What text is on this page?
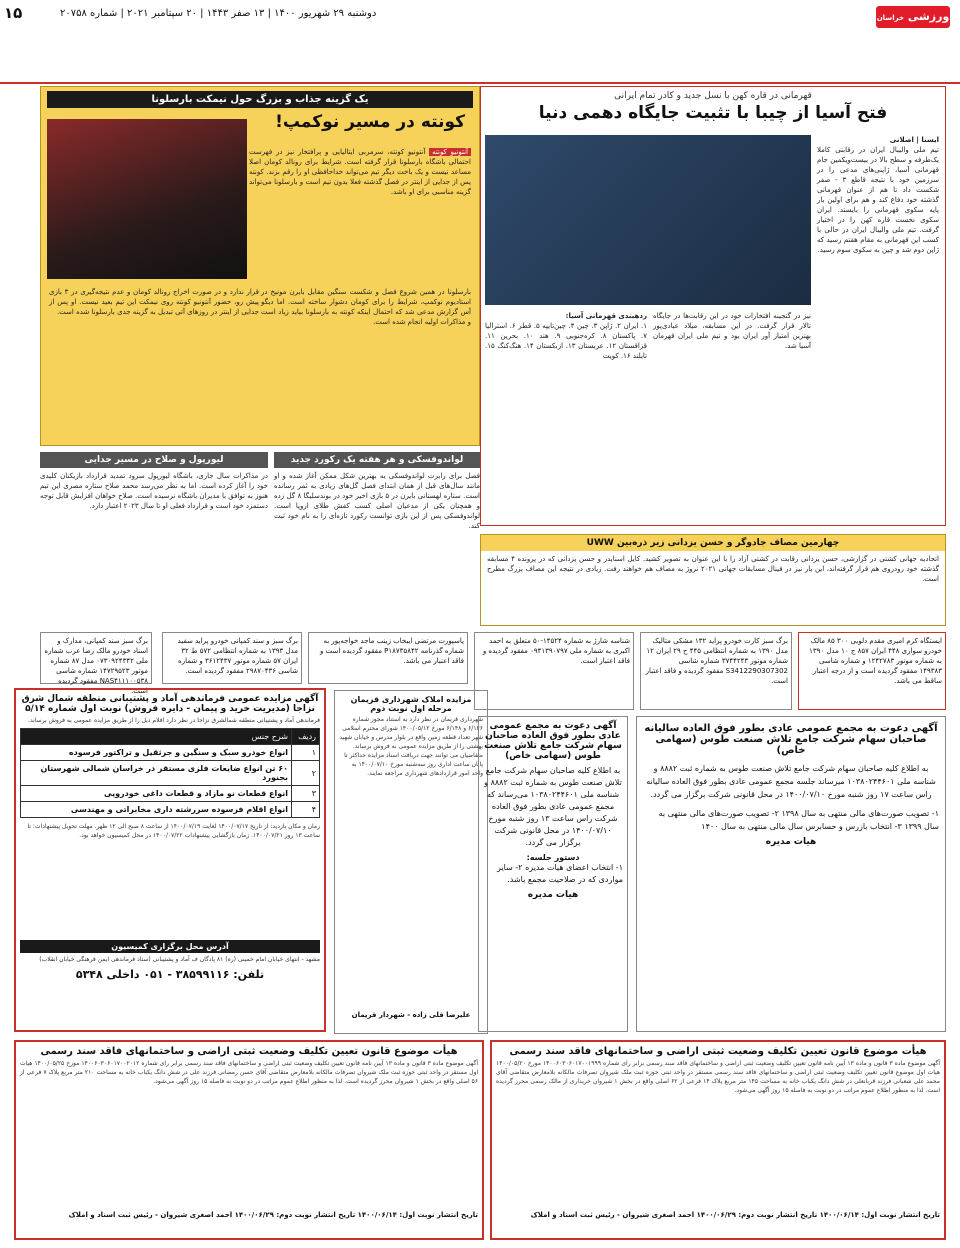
ورزشی خراسان
دوشنبه ۲۹ شهریور ۱۴۰۰ | ۱۳ صفر ۱۴۴۳ | ۲۰ سپتامبر ۲۰۲۱ | شماره ۲۰۷۵۸
۱۵
قهرمانی در قاره کهن با نسل جدید و کادر تمام ایرانی
فتح آسیا از چیبا با تثبیت جایگاه دهمی دنیا
ایسنا | اصلانی
تیم ملی والیبال ایران در رقابتی کاملا یک‌طرفه و سطح بالا در بیست‌ویکمین جام قهرمانی آسیا، ژاپنی‌های مدعی را در سرزمین خود با نتیجه قاطع ۳ - صفر شکست داد تا هم از عنوان قهرمانی گذشته خود دفاع کند و هم برای اولین بار پایه سکوی قهرمانی را بایستد. ایران سکوی نخست قاره کهن را در اختیار گرفت. تیم ملی والیبال ایران در حالی با کسب این قهرمانی به مقام هفتم رسید که ژاپن دوم شد و چین به سکوی سوم رسید.
نیز در گنجینه افتخارات خود در این رقابت‌ها در جایگاه تالار قرار گرفت. در این مسابقه، میلاد عبادی‌پور بهترین امتیاز آور ایران بود و تیم ملی ایران قهرمان آسیا شد.
ردهبندی قهرمانی آسیا:
۱. ایران ۲. ژاپن ۳. چین ۴. چین‌تایپه ۵. قطر ۶. استرالیا ۷. پاکستان ۸. کره‌جنوبی ۹. هند ۱۰. بحرین ۱۱. قزاقستان ۱۲. عربستان ۱۳. ازبکستان ۱۴. هنگ‌کنگ ۱۵. تایلند ۱۶. کویت
یک گزینه جذاب و بزرگ حول نیمکت بارسلونا
کونته در مسیر نوکمپ!
آنتونیو کونته آنتونیو کونته، سرمربی ایتالیایی و پرافتخار نیز در فهرست احتمالی باشگاه بارسلونا قرار گرفته است. شرایط برای رونالد کومان اصلا مساعد نیست و یک باخت دیگر تیم می‌تواند خداحافظی او را رقم بزند. کونته پس از جدایی از اینتر در فصل گذشته فعلا بدون تیم است و بارسلونا می‌تواند گزینه مناسبی برای او باشد.
بارسلونا در همین شروع فصل و شکست سنگین مقابل بایرن مونیخ در استادیوم نوکمپ، شرایط را برای کومان دشوار ساخته است. اما دیگو آس گزارش مدعی شد که احتمال اینکه کونته به بارسلونا بیاید زیاد است و مذاکرات اولیه انجام شده است.
قرار ندارد و در صورت اخراج رونالد کومان و عدم نتیجه‌گیری در ۳ بازی پیش رو، حضور آنتونیو کونته روی نیمکت این تیم بعید نیست. او پس از جدایی از اینتر در روزهای آتی تبدیل به گزینه جدی بارسلونا شده است.
لواندوفسکی و هر هفته یک رکورد جدید
فصل برای رابرت لواندوفسکی به بهترین شکل ممکن آغاز شده و او مانند سال‌های قبل از همان ابتدای فصل گل‌های زیادی به ثمر رسانده است. ستاره لهستانی بایرن در ۵ بازی اخیر خود در بوندسلیگا ۸ گل زده و همچنان یکی از مدعیان اصلی کسب کفش طلای اروپا است. لواندوفسکی پس از این بازی توانست رکورد تازه‌ای را به نام خود ثبت کند.
لیورپول و صلاح در مسیر جدایی
در مذاکرات سال جاری، باشگاه لیورپول سرود تمدید قرارداد بازیکنان کلیدی خود را آغاز کرده است. اما به نظر می‌رسد محمد صلاح ستاره مصری این تیم هنوز به توافق با مدیران باشگاه نرسیده است. صلاح خواهان افزایش قابل توجه دستمزد خود است و قرارداد فعلی او تا سال ۲۰۲۳ اعتبار دارد.
چهارمین مصاف جادوگر و حسن یزدانی زیر ذره‌بین UWW
اتحادیه جهانی کشتی در گزارشی، حسن یزدانی رقابت در کشتی آزاد را با این عنوان به تصویر کشید. کایل اسنایدر و حسن یزدانی که در پرونده ۴ مسابقه گذشته خود رودروی هم قرار گرفته‌اند، این بار نیز در فینال مسابقات جهانی ۲۰۲۱ نروژ به مصاف هم خواهند رفت. زیادی در نتیجه این مصاف بزرگ مطرح است.
ایستگاه کرم امیری مقدم دلویی ۳۰۰ ۸۵ مالک خودرو سواری ۴۴۸ ایران ۸۵۷ ج ۱۰ مدل ۱۳۹۰ به شماره موتور ۱۲۴۲۷۸۳ و شماره شاسی ۱۴۹۳۸۳ مفقود گردیده است و از درجه اعتبار ساقط می باشد.
برگ سبز کارت خودرو پراید ۱۳۲ مشکی متالیک مدل ۱۳۹۰ به شماره انتظامی ۴۴۵ ح ۲۹ ایران ۱۲ شماره موتور ۳۷۴۴۲۴۳ شماره شاسی S3412290307302 مفقود گردیده و فاقد اعتبار است.
شناسه شارژ به شماره ۱۴۵۲۴-۵۰ متعلق به احمد اکبری به شماره ملی ۰۹۴۱۳۹۰۷۹۷ مفقود گردیده و فاقد اعتبار است.
پاسپورت مرتضی ایبخاب زینب ماجد خواجه‌پور به شماره گذرنامه P۱۸۷۳۵۸۴۲ مفقود گردیده است و فاقد اعتبار می باشد.
برگ سبز و سند کمپانی خودرو پراید سفید مدل ۱۳۹۳ به شماره انتظامی ۵۷۲ ط ۳۲ ایران ۵۷ شماره موتور ۳۶۱۲۴۳۷ و شماره شاسی ۲۹۸۷۰۴۳۶ مفقود گردیده است.
برگ سبز سند کمپانی، مدارک و اسناد خودرو مالک رضا عرب شماره ملی ۰۷۳۰۹۲۴۳۴۲ مدل ۸۷ شماره موتور ۱۴۷۲۹۵۲۳ شماره شاسی NAS۴۱۱۱۰۰۵۳۸ مفقود گردیده است.
آگهی مزایده عمومی فرماندهی آماد و پشتیبانی منطقه شمال شرق نزاجا (مدیریت خرید و پیمان - دایره فروش) نوبت اول شماره ۵/۱۴
فرماندهی آماد و پشتیبانی منطقه شمالشرق نزاجا در نظر دارد اقلام ذیل را از طریق مزایده عمومی به فروش برساند.
ردیف	شرح جنس
۱	انواع خودرو سبک و سنگین و جرثقیل و تراکتور فرسوده
۲	۶۰ تن انواع ضایعات فلزی مستقر در خراسان شمالی شهرستان بجنورد
۳	انواع قطعات نو مازاد و قطعات داغی خودرویی
۴	انواع اقلام فرسوده سررشته داری مخابراتی و مهندسی
زمان و مکان بازدید: از تاریخ ۱۴۰۰/۰۷/۱۷ لغایت ۱۴۰۰/۰۷/۱۹ از ساعت ۸ صبح الی ۱۲ ظهر. مهلت تحویل پیشنهادات: تا ساعت ۱۳ روز ۱۴۰۰/۰۷/۲۱. زمان بازگشایی پیشنهادات ۱۴۰۰/۰۷/۲۲ در محل کمیسیون خواهد بود.
آدرس محل برگزاری کمیسیون
مشهد - انتهای خیابان امام خمینی (ره) ۸۱ پادگان ف آماد و پشتیبانی (ستاد فرماندهی ایمن فرهنگی خیابان انقلاب)
تلفن: ۳۸۵۹۹۱۱۶ - ۰۵۱ داخلی ۵۳۴۸
مزایده املاک شهرداری قریمان مرحله اول نوبت دوم
شهرداری قریمان در نظر دارد به استناد مجوز شماره ۶/۱۴۶ و ۶/۱۴۸ مورخ ۱۴۰۰/۰۵/۱۲ شورای محترم اسلامی شهر تعداد قطعه زمین واقع در بلوار مدرس و خیابان شهید بهشتی را از طریق مزایده عمومی به فروش برساند. متقاضیان می توانند جهت دریافت اسناد مزایده حداکثر تا پایان ساعت اداری روز سه‌شنبه مورخ ۱۴۰۰/۰۷/۱۰ به واحد امور قراردادهای شهرداری مراجعه نمایند.
علیرضا قلی زاده - شهردار قریمان
آگهی دعوت به مجمع عمومی عادی بطور فوق العاده صاحبان سهام شرکت جامع تلاش صنعت طوس (سهامی خاص)
به اطلاع کلیه صاحبان سهام شرکت جامع تلاش صنعت طوس به شماره ثبت ۸۸۸۲ و شناسه ملی ۱۰۳۸۰۲۴۴۶۰۱ می‌رساند که مجمع عمومی عادی بطور فوق العاده شرکت راس ساعت ۱۳ روز شنبه مورخ ۱۴۰۰/۰۷/۱۰ در محل قانونی شرکت برگزار می گردد.
دستور جلسه:
۱- انتخاب اعضای هیات مدیره ۲- سایر مواردی که در صلاحیت مجمع باشد.
هیات مدیره
آگهی دعوت به مجمع عمومی عادی بطور فوق العاده سالیانه صاحبان سهام شرکت جامع تلاش صنعت طوس (سهامی خاص)
به اطلاع کلیه صاحبان سهام شرکت جامع تلاش صنعت طوس به شماره ثبت ۸۸۸۲ و شناسه ملی ۱۰۳۸۰۲۴۴۶۰۱ میرساند جلسه مجمع عمومی عادی بطور فوق العاده سالیانه راس ساعت ۱۷ روز شنبه مورخ ۱۴۰۰/۰۷/۱۰ در محل قانونی شرکت برگزار می گردد.
۱- تصویب صورت‌های مالی منتهی به سال ۱۳۹۸ ۲- تصویب صورت‌های مالی منتهی به سال ۱۳۹۹ ۳- انتخاب بازرس و حسابرس سال مالی منتهی به سال ۱۴۰۰
هیات مدیره
هیأت موضوع قانون تعیین تکلیف وضعیت ثبتی اراضی و ساختمانهای فاقد سند رسمی
آگهی موضوع ماده ۳ قانون و ماده ۱۳ آیین نامه قانون تعیین تکلیف وضعیت ثبتی اراضی و ساختمانهای فاقد سند رسمی برابر رای شماره ۱۴۰۰۶۰۳۰۶۰۱۷۰۰۱۹۹۹ مورخ ۱۴۰۰/۰۵/۲۰ هیات اول موضوع قانون تعیین تکلیف وضعیت ثبتی اراضی و ساختمانهای فاقد سند رسمی مستقر در واحد ثبتی حوزه ثبت ملک شیروان تصرفات مالکانه بلامعارض متقاضی آقای محمد علی شعبانی فرزند قربانعلی در شش دانگ یکباب خانه به مساحت ۱۴۵ متر مربع پلاک ۱۴ فرعی از ۶۲ اصلی واقع در بخش ۱ شیروان خریداری از مالک رسمی محرز گردیده است. لذا به منظور اطلاع عموم مراتب در دو نوبت به فاصله ۱۵ روز آگهی می‌شود.
تاریخ انتشار نوبت اول: ۱۴۰۰/۰۶/۱۴ تاریخ انتشار نوبت دوم: ۱۴۰۰/۰۶/۲۹ احمد اصغری شیروان - رئیس ثبت اسناد و املاک
هیأت موضوع قانون تعیین تکلیف وضعیت ثبتی اراضی و ساختمانهای فاقد سند رسمی
آگهی موضوع ماده ۳ قانون و ماده ۱۳ آیین نامه قانون تعیین تکلیف وضعیت ثبتی اراضی و ساختمانهای فاقد سند رسمی برابر رای شماره ۱۴۰۰۶۰۳۰۶۰۱۷۰۰۲۰۱۲ مورخ ۱۴۰۰/۰۵/۲۵ هیات اول مستقر در واحد ثبتی حوزه ثبت ملک شیروان تصرفات مالکانه بلامعارض متقاضی آقای حسن رمضانی فرزند علی در شش دانگ یکباب خانه به مساحت ۲۱۰ متر مربع پلاک ۷ فرعی از ۵۶ اصلی واقع در بخش ۱ شیروان محرز گردیده است. لذا به منظور اطلاع عموم مراتب در دو نوبت به فاصله ۱۵ روز آگهی می‌شود.
تاریخ انتشار نوبت اول: ۱۴۰۰/۰۶/۱۴ تاریخ انتشار نوبت دوم: ۱۴۰۰/۰۶/۲۹ احمد اصغری شیروان - رئیس ثبت اسناد و املاک
